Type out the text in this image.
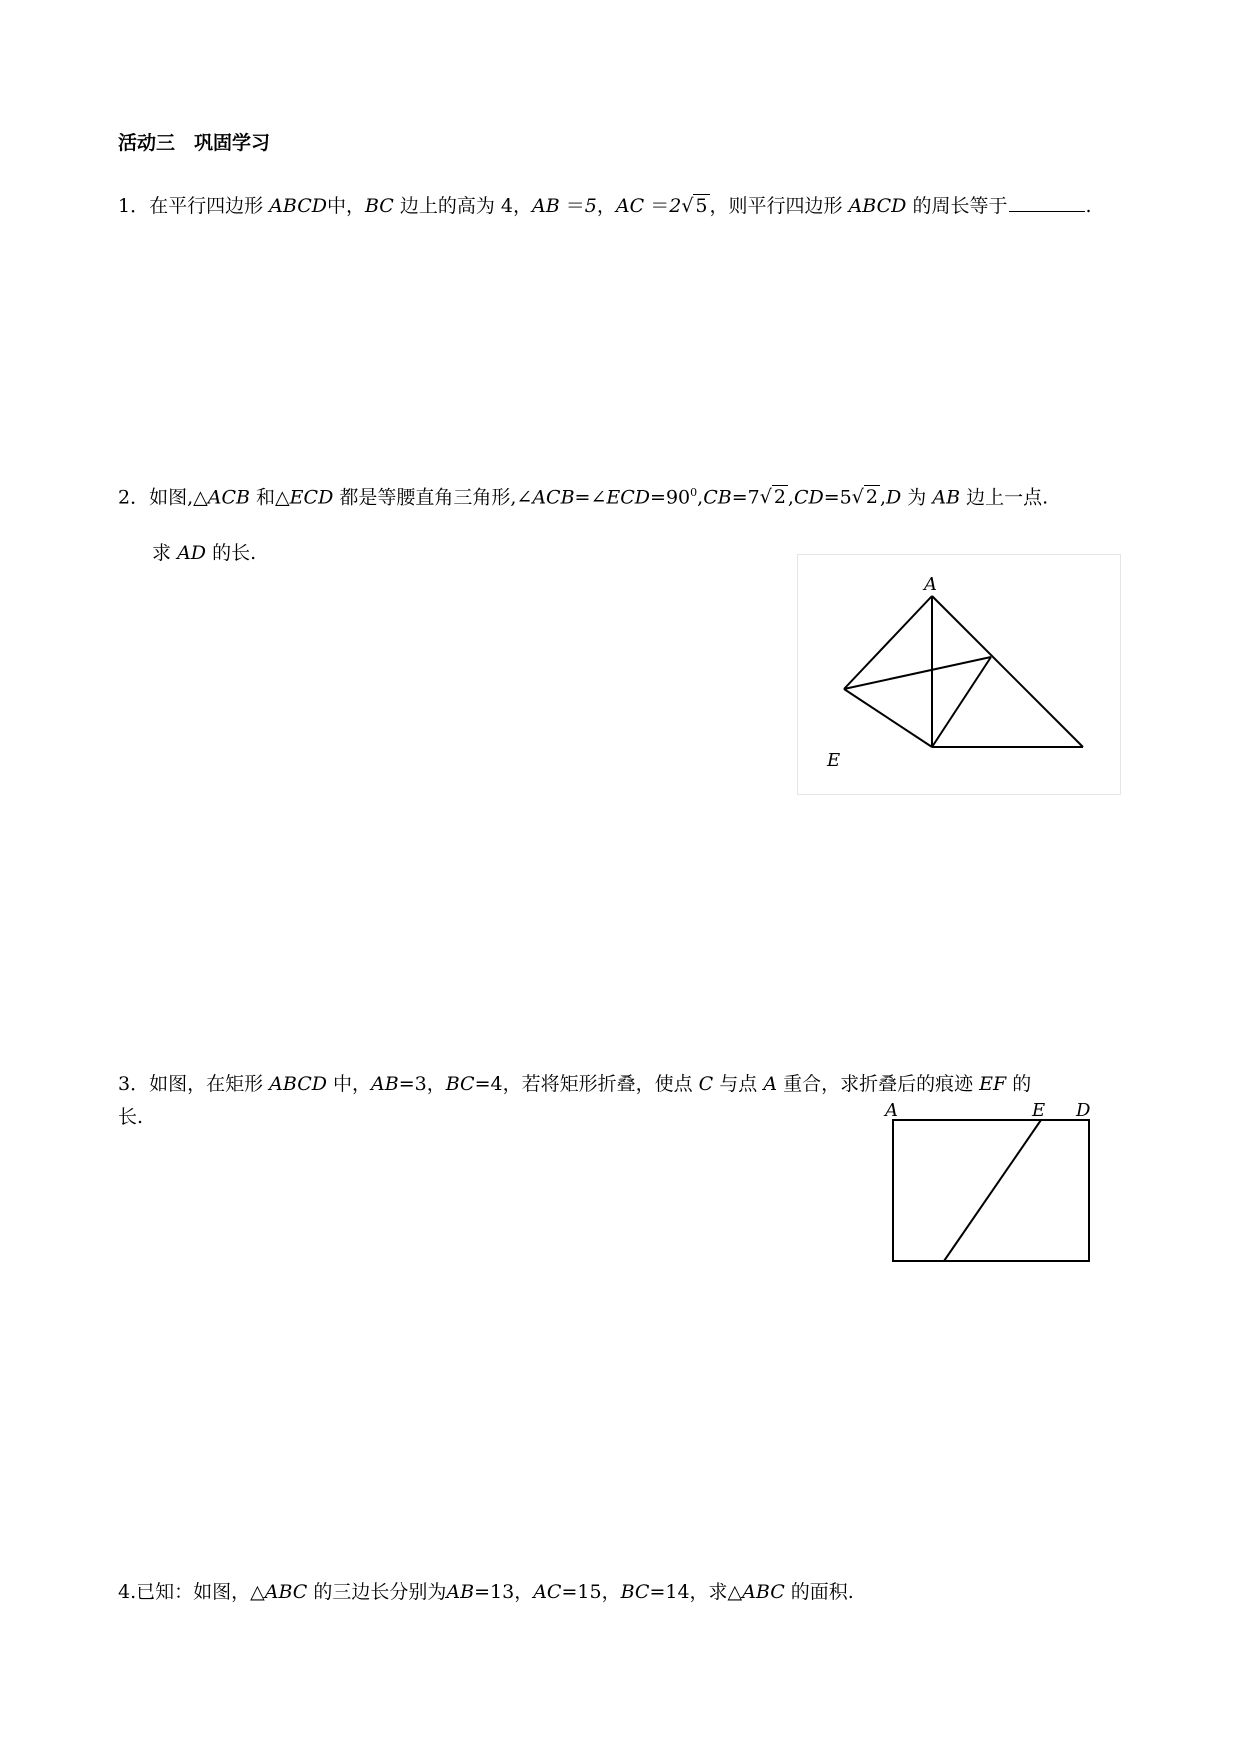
活动三　巩固学习
1．在平行四边形 ABCD中，BC 边上的高为 4，AB ＝5，AC ＝2√ 5 ，则平行四边形 ABCD 的周长等于	.
2．如图,△ACB 和△ECD 都是等腰直角三角形$,\angle ACB=\angle ECD=90^0,CB=7√$ 2 ,CD=5√ 2 ,D 为 AB 边上一点.
求 AD 的长.
A
E
3．如图，在矩形 ABCD 中，AB=3，BC=4，若将矩形折叠，使点 C 与点 A 重合，求折叠后的痕迹 EF 的
长.	A	E D
4.已知：如图，△ABC 的三边长分别为AB=13，AC=15，BC=14，求△ABC 的面积.
